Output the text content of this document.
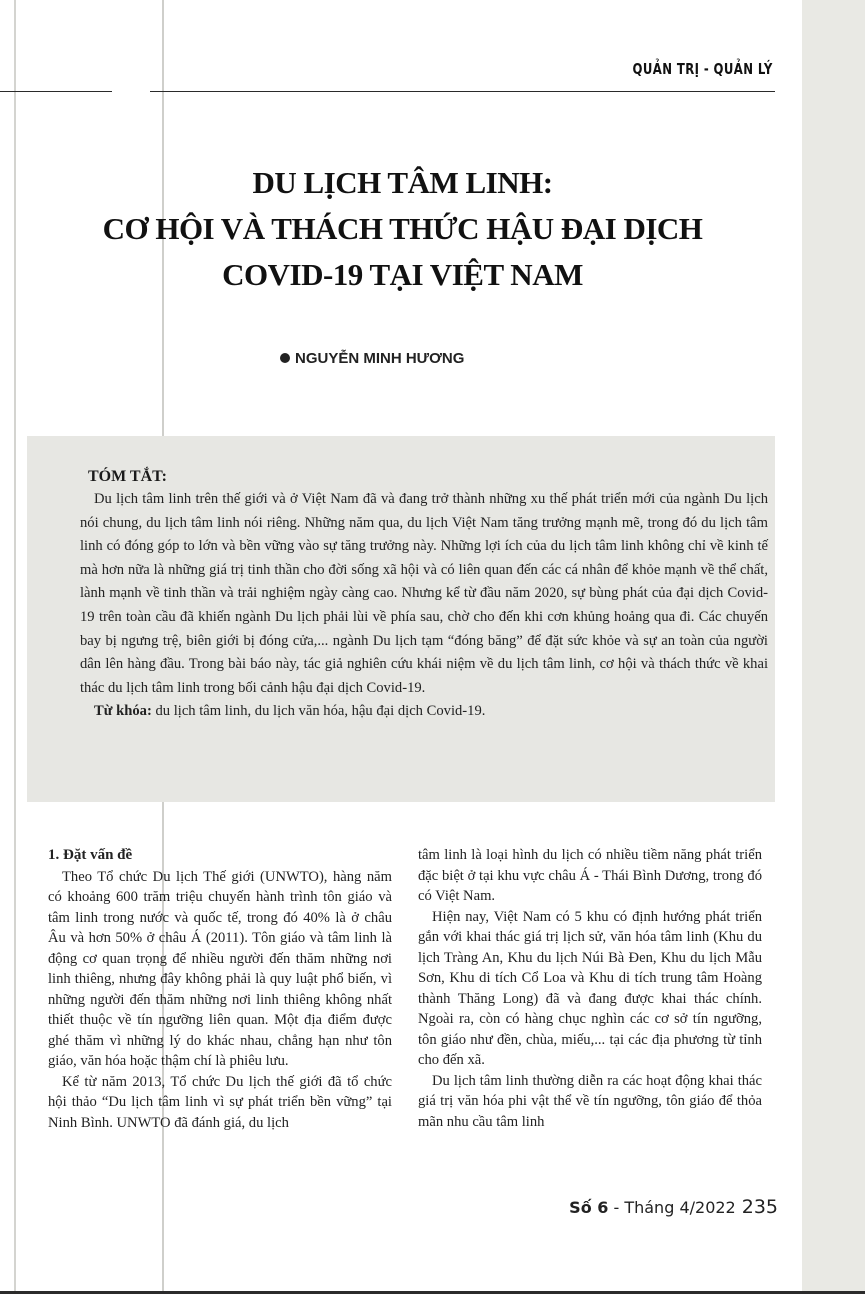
QUẢN TRỊ - QUẢN LÝ
DU LỊCH TÂM LINH:
CƠ HỘI VÀ THÁCH THỨC HẬU ĐẠI DỊCH
COVID-19 TẠI VIỆT NAM
NGUYỄN MINH HƯƠNG
TÓM TẮT:

Du lịch tâm linh trên thế giới và ở Việt Nam đã và đang trở thành những xu thế phát triển mới của ngành Du lịch nói chung, du lịch tâm linh nói riêng. Những năm qua, du lịch Việt Nam tăng trưởng mạnh mẽ, trong đó du lịch tâm linh có đóng góp to lớn và bền vững vào sự tăng trưởng này. Những lợi ích của du lịch tâm linh không chỉ về kinh tế mà hơn nữa là những giá trị tinh thần cho đời sống xã hội và có liên quan đến các cá nhân để khỏe mạnh về thể chất, lành mạnh về tinh thần và trải nghiệm ngày càng cao. Nhưng kể từ đầu năm 2020, sự bùng phát của đại dịch Covid-19 trên toàn cầu đã khiến ngành Du lịch phải lùi về phía sau, chờ cho đến khi cơn khủng hoảng qua đi. Các chuyến bay bị ngưng trệ, biên giới bị đóng cửa,... ngành Du lịch tạm “đóng băng” để đặt sức khỏe và sự an toàn của người dân lên hàng đầu. Trong bài báo này, tác giả nghiên cứu khái niệm về du lịch tâm linh, cơ hội và thách thức về khai thác du lịch tâm linh trong bối cảnh hậu đại dịch Covid-19.

Từ khóa: du lịch tâm linh, du lịch văn hóa, hậu đại dịch Covid-19.

1. Đặt vấn đề

Theo Tổ chức Du lịch Thế giới (UNWTO), hàng năm có khoảng 600 trăm triệu chuyến hành trình tôn giáo và tâm linh trong nước và quốc tế, trong đó 40% là ở châu Âu và hơn 50% ở châu Á (2011). Tôn giáo và tâm linh là động cơ quan trọng để nhiều người đến thăm những nơi linh thiêng, nhưng đây không phải là quy luật phổ biến, vì những người đến thăm những nơi linh thiêng không nhất thiết thuộc về tín ngưỡng liên quan. Một địa điểm được ghé thăm vì những lý do khác nhau, chẳng hạn như tôn giáo, văn hóa hoặc thậm chí là phiêu lưu.

Kể từ năm 2013, Tổ chức Du lịch thế giới đã tổ chức hội thảo “Du lịch tâm linh vì sự phát triển bền vững” tại Ninh Bình. UNWTO đã đánh giá, du lịch

tâm linh là loại hình du lịch có nhiều tiềm năng phát triển đặc biệt ở tại khu vực châu Á - Thái Bình Dương, trong đó có Việt Nam.

Hiện nay, Việt Nam có 5 khu có định hướng phát triển gắn với khai thác giá trị lịch sử, văn hóa tâm linh (Khu du lịch Tràng An, Khu du lịch Núi Bà Đen, Khu du lịch Mẫu Sơn, Khu di tích Cổ Loa và Khu di tích trung tâm Hoàng thành Thăng Long) đã và đang được khai thác chính. Ngoài ra, còn có hàng chục nghìn các cơ sở tín ngưỡng, tôn giáo như đền, chùa, miếu,... tại các địa phương từ tỉnh cho đến xã.

Du lịch tâm linh thường diễn ra các hoạt động khai thác giá trị văn hóa phi vật thể về tín ngưỡng, tôn giáo để thỏa mãn nhu cầu tâm linh

Số 6 - Tháng 4/2022 235
